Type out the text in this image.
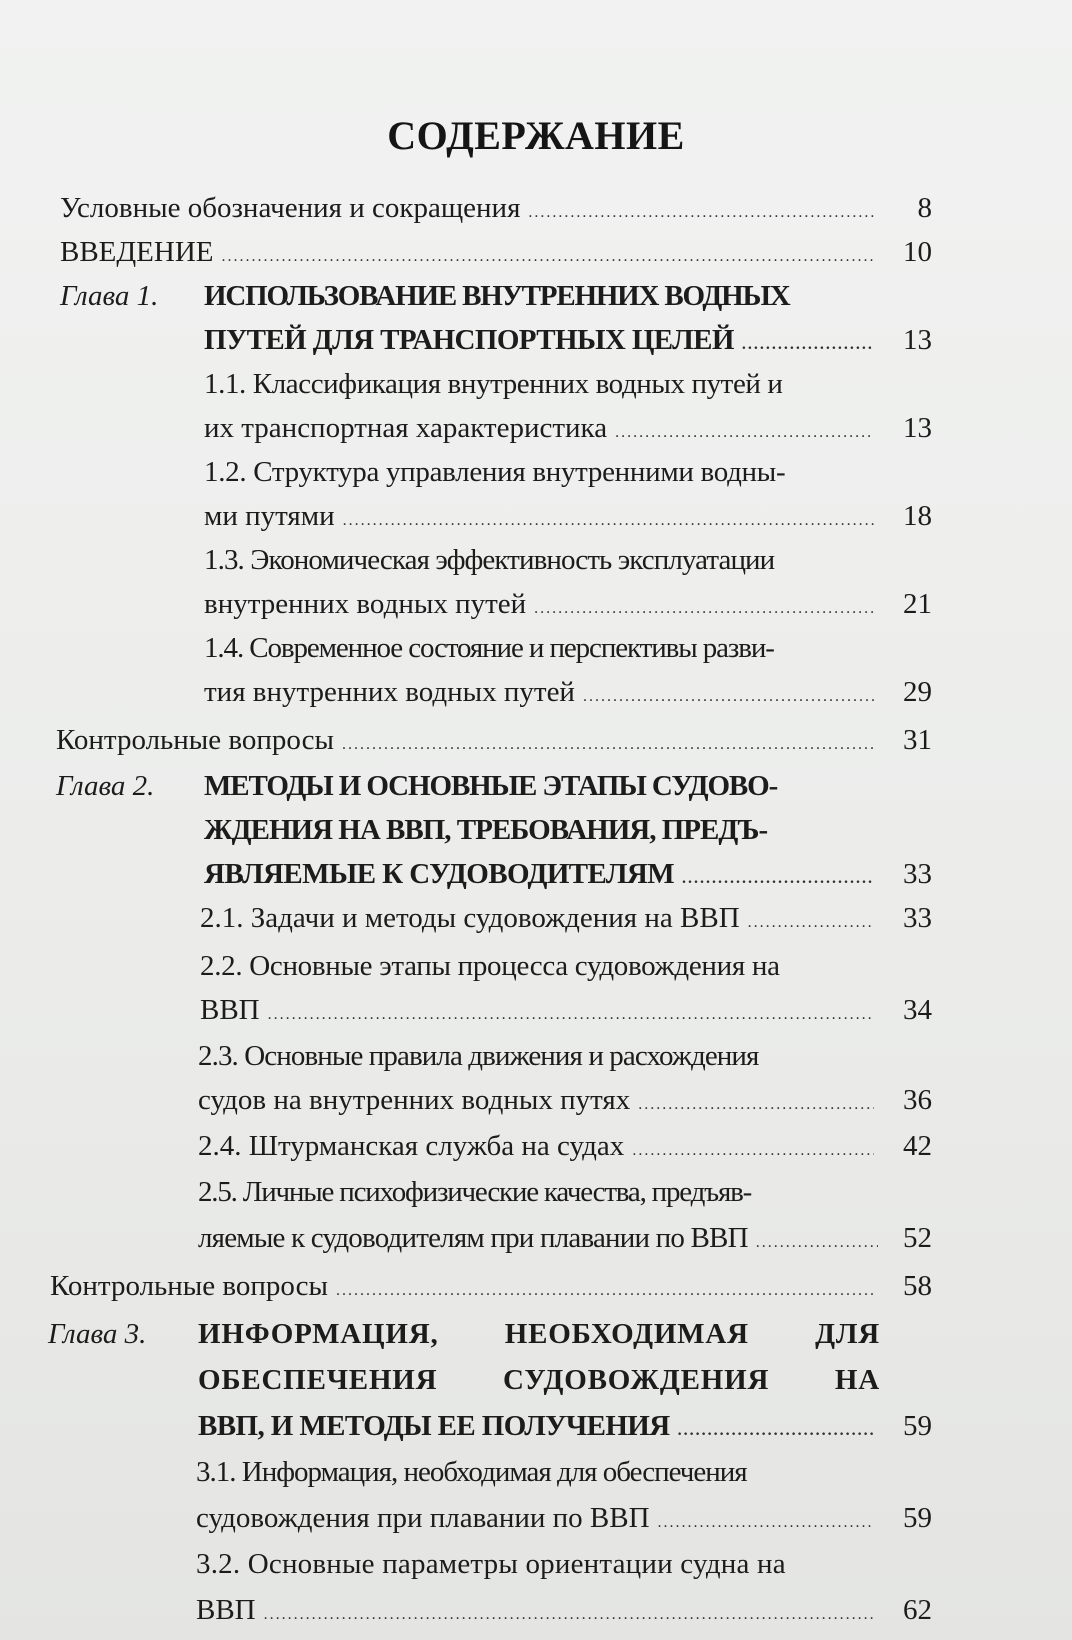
СОДЕРЖАНИЕ
Условные обозначения и сокращения .....	8
ВВЕДЕНИЕ .....	10
Глава 1. ИСПОЛЬЗОВАНИЕ ВНУТРЕННИХ ВОДНЫХ
ПУТЕЙ ДЛЯ ТРАНСПОРТНЫХ ЦЕЛЕЙ .....	13
1.1. Классификация внутренних водных путей и
их транспортная характеристика .....	13
1.2. Структура управления внутренними водны-
ми путями .....	18
1.3. Экономическая эффективность эксплуатации
внутренних водных путей .....	21
1.4. Современное состояние и перспективы разви-
тия внутренних водных путей .....	29
Контрольные вопросы .....	31
Глава 2. МЕТОДЫ И ОСНОВНЫЕ ЭТАПЫ СУДОВО-
ЖДЕНИЯ НА ВВП, ТРЕБОВАНИЯ, ПРЕДЪ-
ЯВЛЯЕМЫЕ К СУДОВОДИТЕЛЯМ .....	33
2.1. Задачи и методы судовождения на ВВП .....	33
2.2. Основные этапы процесса судовождения на
ВВП .....	34
2.3. Основные правила движения и расхождения
судов на внутренних водных путях .....	36
2.4. Штурманская служба на судах .....	42
2.5. Личные психофизические качества, предъяв-
ляемые к судоводителям при плавании по ВВП .....	52
Контрольные вопросы .....	58
Глава 3. ИНФОРМАЦИЯ, НЕОБХОДИМАЯ ДЛЯ
ОБЕСПЕЧЕНИЯ СУДОВОЖДЕНИЯ НА
ВВП, И МЕТОДЫ ЕЕ ПОЛУЧЕНИЯ .....	59
3.1. Информация, необходимая для обеспечения
судовождения при плавании по ВВП .....	59
3.2. Основные параметры ориентации судна на
ВВП .....	62
